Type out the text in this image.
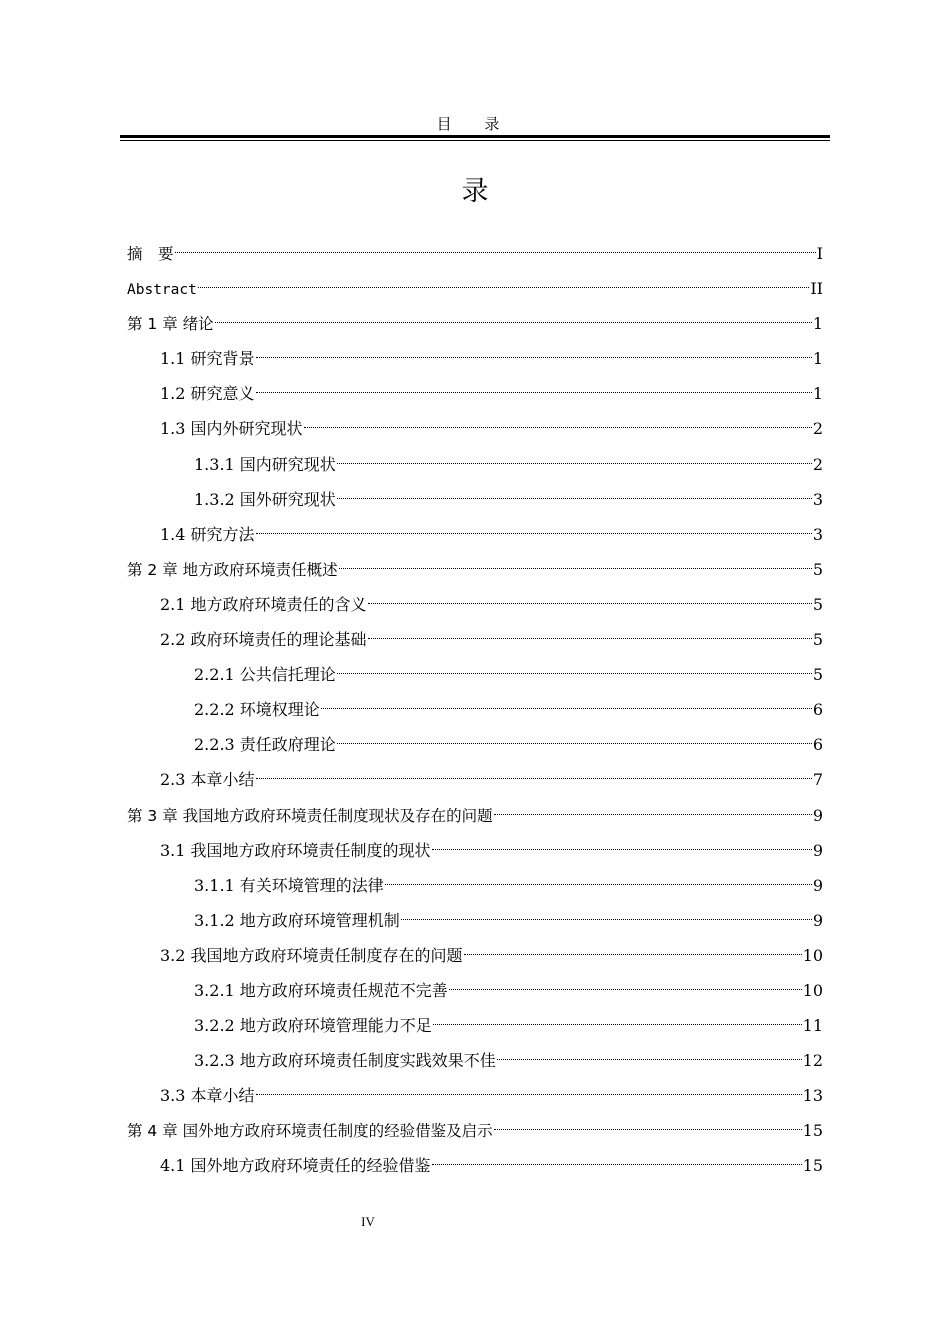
目 录
录
摘　要	I
Abstract	II
第 1 章 绪论	1
1.1 研究背景	1
1.2 研究意义	1
1.3 国内外研究现状	2
1.3.1 国内研究现状	2
1.3.2 国外研究现状	3
1.4 研究方法	3
第 2 章 地方政府环境责任概述	5
2.1 地方政府环境责任的含义	5
2.2 政府环境责任的理论基础	5
2.2.1 公共信托理论	5
2.2.2 环境权理论	6
2.2.3 责任政府理论	6
2.3 本章小结	7
第 3 章 我国地方政府环境责任制度现状及存在的问题	9
3.1 我国地方政府环境责任制度的现状	9
3.1.1 有关环境管理的法律	9
3.1.2 地方政府环境管理机制	9
3.2 我国地方政府环境责任制度存在的问题	10
3.2.1 地方政府环境责任规范不完善	10
3.2.2 地方政府环境管理能力不足	11
3.2.3 地方政府环境责任制度实践效果不佳	12
3.3 本章小结	13
第 4 章 国外地方政府环境责任制度的经验借鉴及启示	15
4.1 国外地方政府环境责任的经验借鉴	15
IV
